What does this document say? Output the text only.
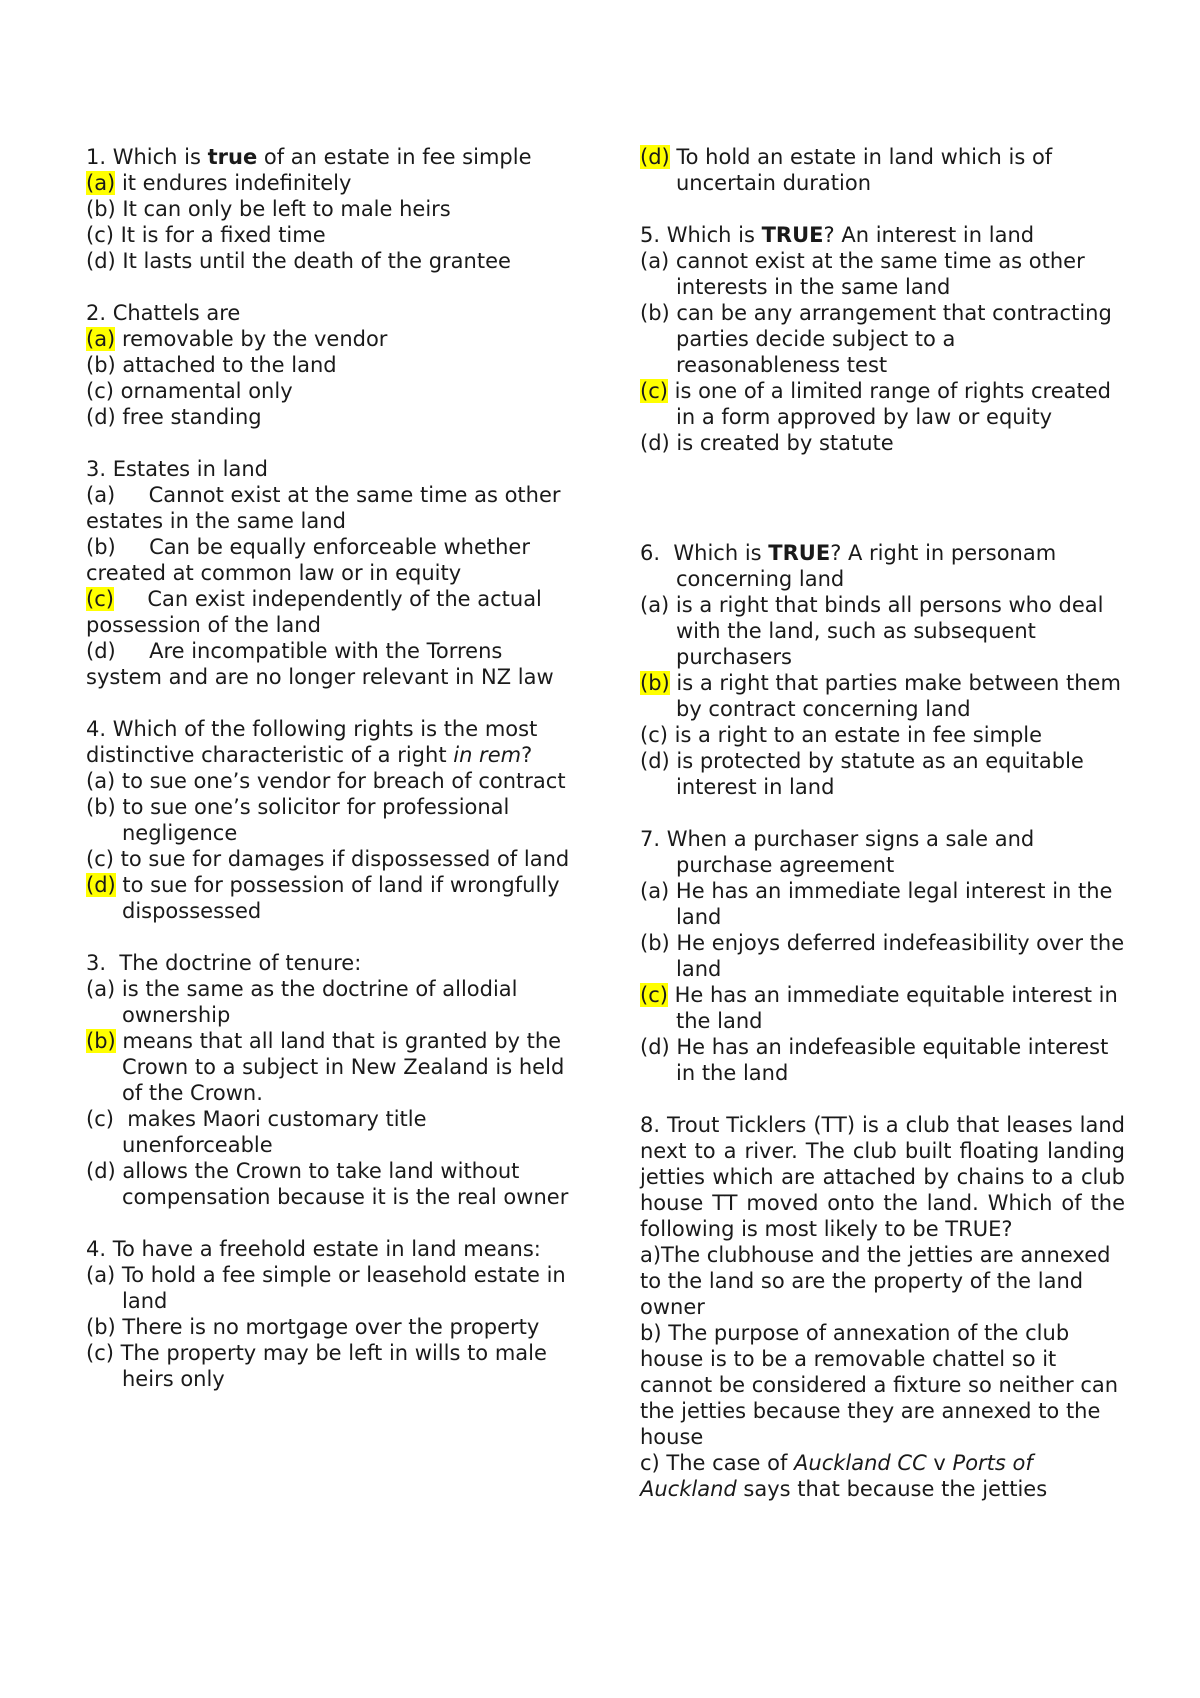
1. Which is true of an estate in fee simple

(a) it endures indefinitely

(b) It can only be left to male heirs

(c) It is for a fixed time

(d) It lasts until the death of the grantee

2. Chattels are

(a) removable by the vendor

(b) attached to the land

(c) ornamental only

(d) free standing

3. Estates in land

(a)     Cannot exist at the same time as other estates in the same land

(b)     Can be equally enforceable whether created at common law or in equity

(c)     Can exist independently of the actual possession of the land

(d)     Are incompatible with the Torrens system and are no longer relevant in NZ law

4. Which of the following rights is the most distinctive characteristic of a right in rem?

(a) to sue one’s vendor for breach of contract

(b) to sue one’s solicitor for professional negligence

(c) to sue for damages if dispossessed of land

(d) to sue for possession of land if wrongfully dispossessed

3.  The doctrine of tenure:

(a) is the same as the doctrine of allodial ownership

(b) means that all land that is granted by the Crown to a subject in New Zealand is held of the Crown.

(c)  makes Maori customary title unenforceable

(d) allows the Crown to take land without compensation because it is the real owner

4. To have a freehold estate in land means:

(a) To hold a fee simple or leasehold estate in land

(b) There is no mortgage over the property

(c) The property may be left in wills to male heirs only

(d) To hold an estate in land which is of uncertain duration

5. Which is TRUE? An interest in land

(a) cannot exist at the same time as other interests in the same land

(b) can be any arrangement that contracting parties decide subject to a reasonableness test

(c) is one of a limited range of rights created in a form approved by law or equity

(d) is created by statute

6.  Which is TRUE? A right in personam concerning land

(a) is a right that binds all persons who deal with the land, such as subsequent purchasers

(b) is a right that parties make between them by contract concerning land

(c) is a right to an estate in fee simple

(d) is protected by statute as an equitable interest in land

7. When a purchaser signs a sale and purchase agreement

(a) He has an immediate legal interest in the land

(b) He enjoys deferred indefeasibility over the land

(c) He has an immediate equitable interest in the land

(d) He has an indefeasible equitable interest in the land

8. Trout Ticklers (TT) is a club that leases land next to a river. The club built floating landing jetties which are attached by chains to a club house TT moved onto the land. Which of the following is most likely to be TRUE?

a)The clubhouse and the jetties are annexed to the land so are the property of the land owner

b) The purpose of annexation of the club house is to be a removable chattel so it cannot be considered a fixture so neither can the jetties because they are annexed to the house

c) The case of Auckland CC v Ports of Auckland says that because the jetties
